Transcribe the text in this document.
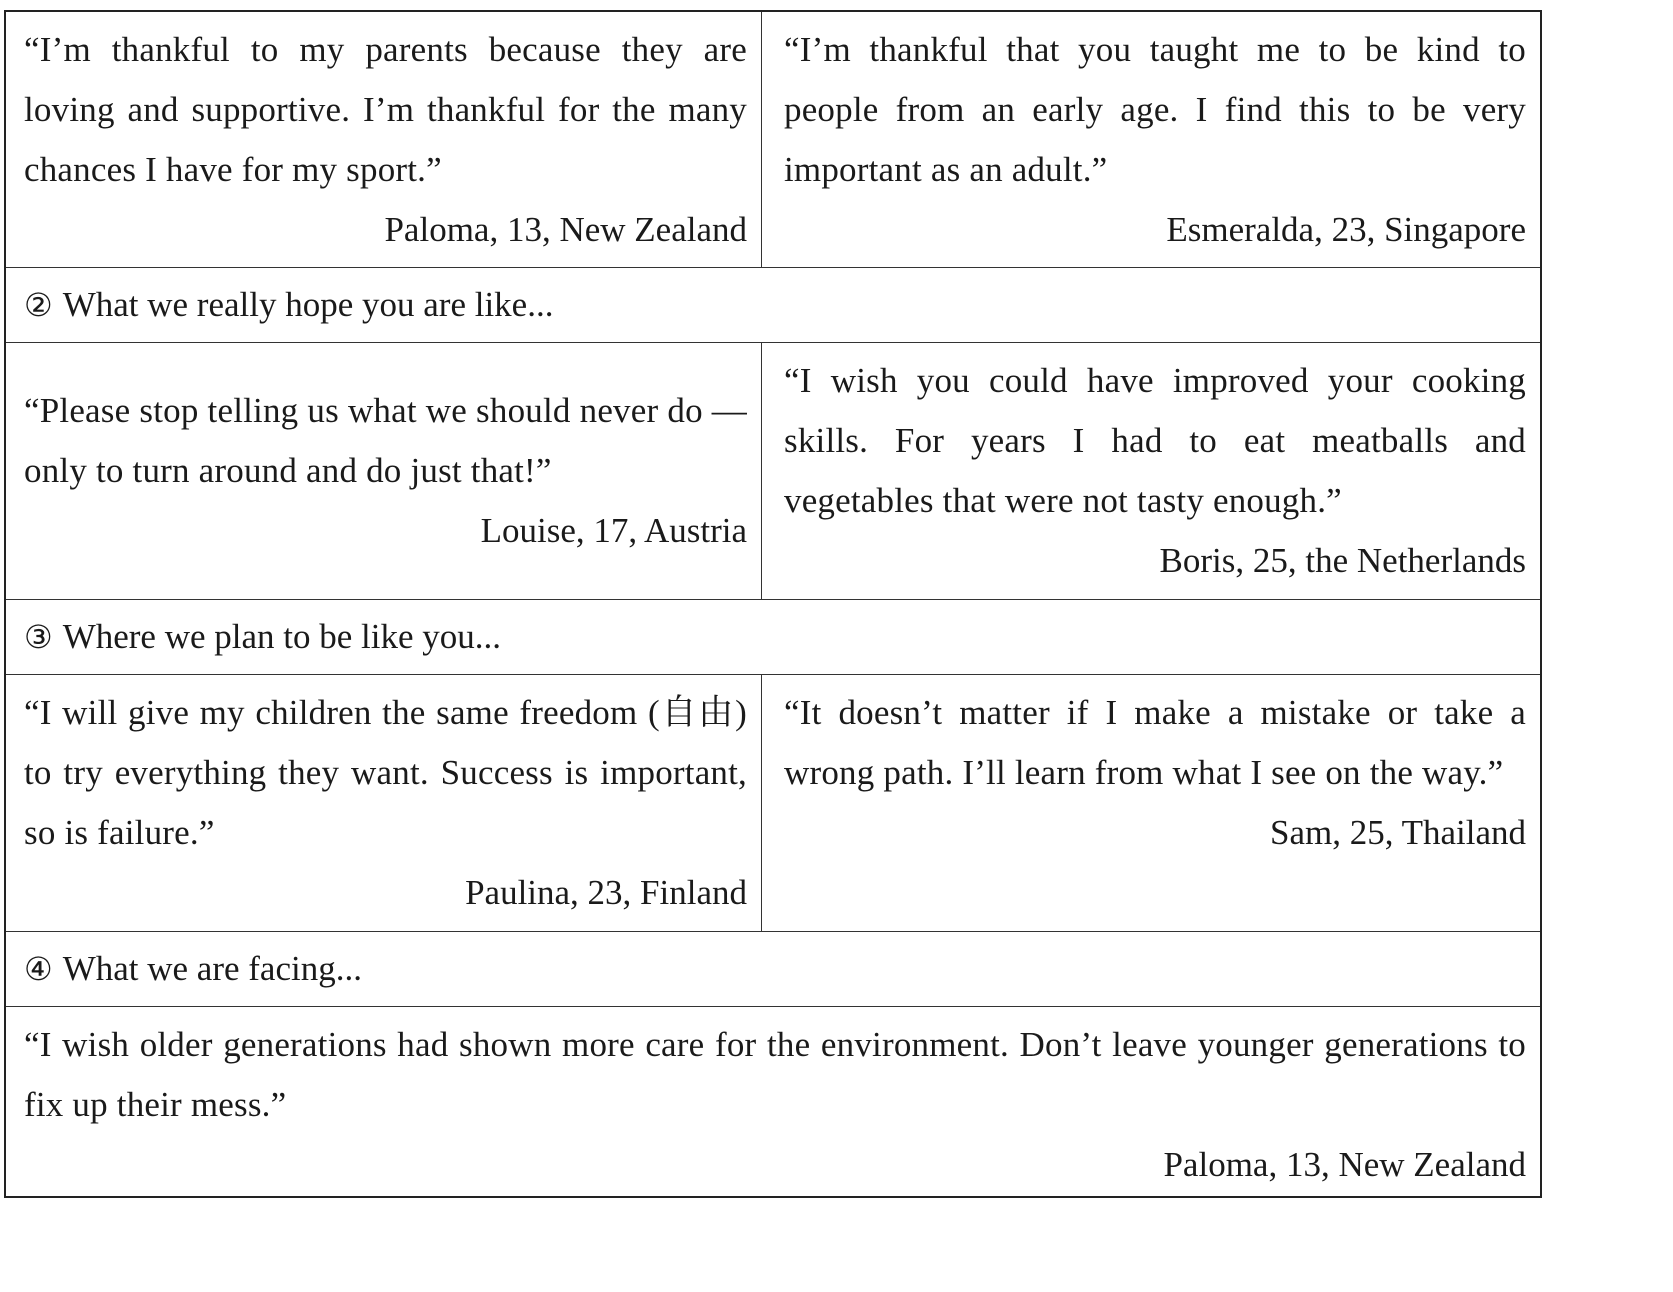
“I’m thankful to my parents because they are loving and supportive. I’m thankful for the many chances I have for my sport.”
Paloma, 13, New Zealand
“I’m thankful that you taught me to be kind to people from an early age. I find this to be very important as an adult.”
Esmeralda, 23, Singapore
② What we really hope you are like...
“Please stop telling us what we should never do — only to turn around and do just that!”
Louise, 17, Austria
“I wish you could have improved your cooking skills. For years I had to eat meatballs and vegetables that were not tasty enough.”
Boris, 25, the Netherlands
③ Where we plan to be like you...
“I will give my children the same freedom (自由) to try everything they want. Success is important, so is failure.”
Paulina, 23, Finland
“It doesn’t matter if I make a mistake or take a wrong path. I’ll learn from what I see on the way.”
Sam, 25, Thailand
④ What we are facing...
“I wish older generations had shown more care for the environment. Don’t leave younger generations to fix up their mess.”
Paloma, 13, New Zealand
